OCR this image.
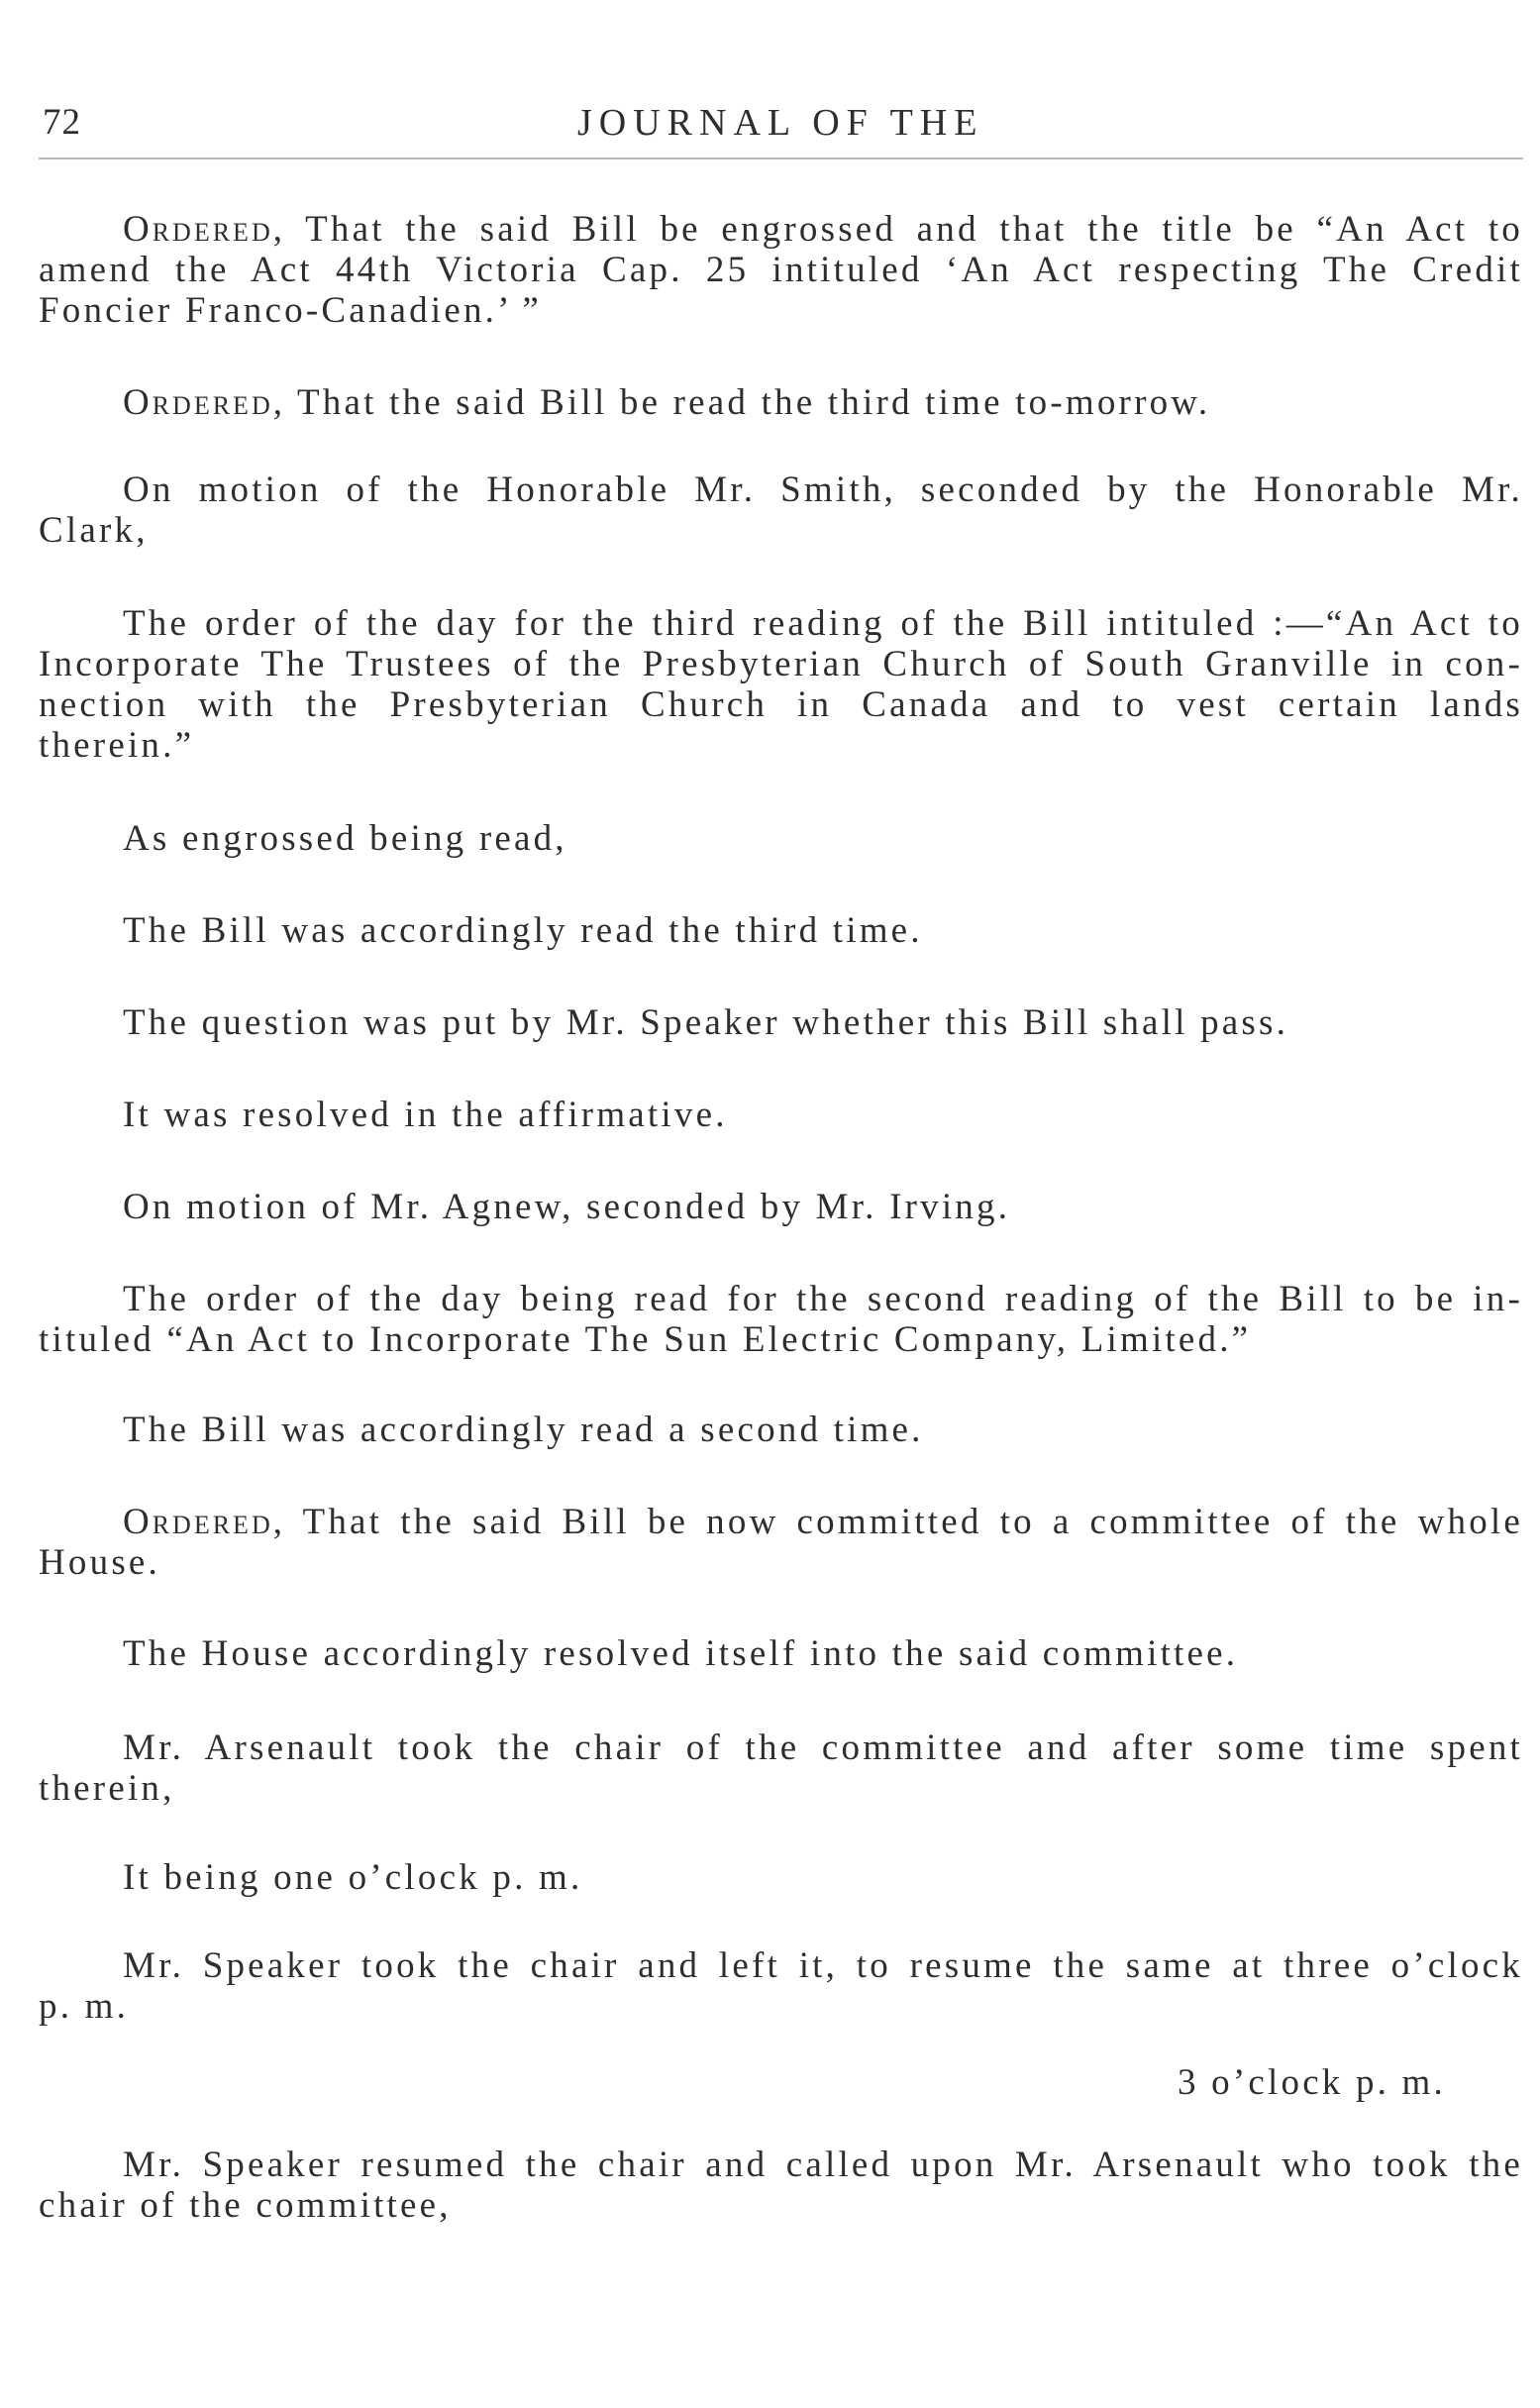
72	JOURNAL OF THE
Ordered, That the said Bill be engrossed and that the title be “An Act to
amend the Act 44th Victoria Cap. 25 intituled ‘An Act respecting The Credit
Foncier Franco-Canadien.’ ”
Ordered, That the said Bill be read the third time to-morrow.
On motion of the Honorable Mr. Smith, seconded by the Honorable Mr.
Clark,
The order of the day for the third reading of the Bill intituled :—“An Act to
Incorporate The Trustees of the Presbyterian Church of South Granville in con-
nection with the Presbyterian Church in Canada and to vest certain lands
therein.”
As engrossed being read,
The Bill was accordingly read the third time.
The question was put by Mr. Speaker whether this Bill shall pass.
It was resolved in the affirmative.
On motion of Mr. Agnew, seconded by Mr. Irving.
The order of the day being read for the second reading of the Bill to be in-
tituled “An Act to Incorporate The Sun Electric Company, Limited.”
The Bill was accordingly read a second time.
Ordered, That the said Bill be now committed to a committee of the whole
House.
The House accordingly resolved itself into the said committee.
Mr. Arsenault took the chair of the committee and after some time spent
therein,
It being one o’clock p. m.
Mr. Speaker took the chair and left it, to resume the same at three o’clock
p. m.
3 o’clock p. m.
Mr. Speaker resumed the chair and called upon Mr. Arsenault who took the
chair of the committee,
